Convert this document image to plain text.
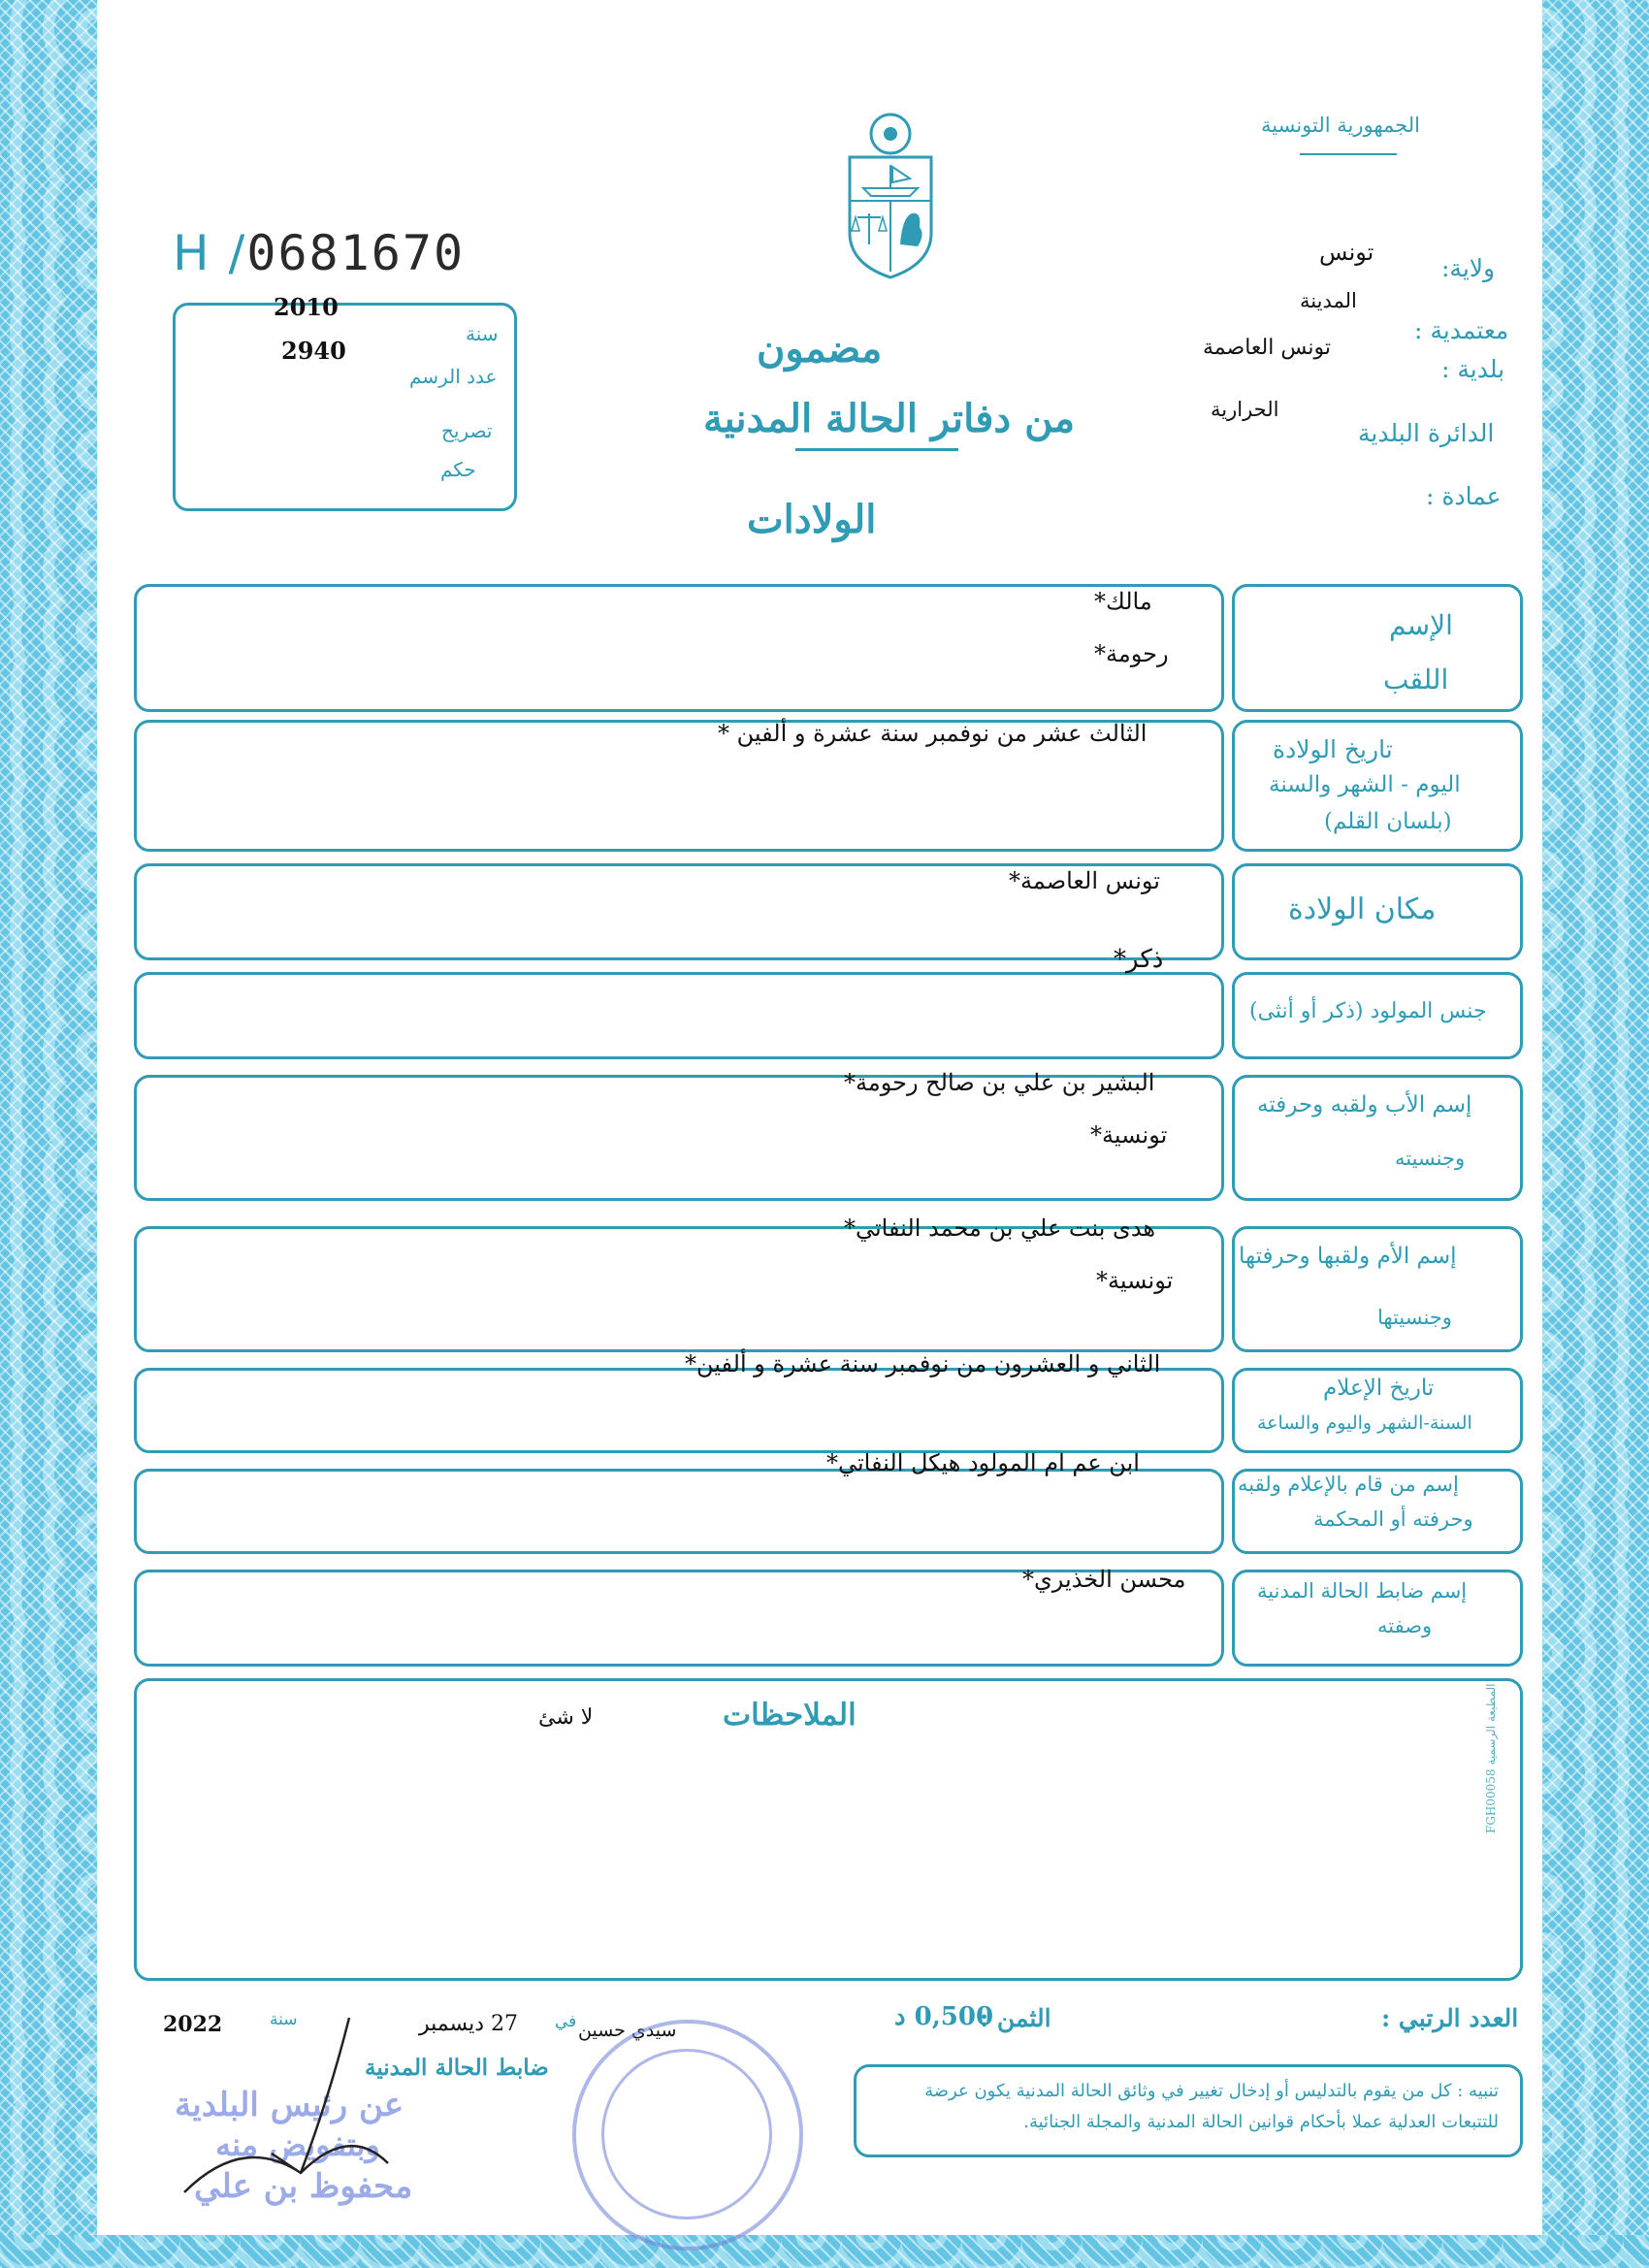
الجمهورية التونسية
H /0681670
سنة
2010
عدد الرسم
2940
تصريح
حكم
ولاية:
تونس
المدينة
معتمدية :
بلدية :
تونس العاصمة
الدائرة البلدية
الحرارية
عمادة :
مضمون
من دفاتر الحالة المدنية
الولادات
الإسم
اللقب
مالك*
رحومة*
تاريخ الولادة
اليوم - الشهر والسنة
(بلسان القلم)
الثالث عشر من نوفمبر سنة عشرة و ألفين *
مكان الولادة
تونس العاصمة*
جنس المولود (ذكر أو أنثى)
ذكر*
إسم الأب ولقبه وحرفته
وجنسيته
البشير بن علي بن صالح رحومة*
تونسية*
إسم الأم ولقبها وحرفتها
وجنسيتها
هدى بنت علي بن محمد النفاتي*
تونسية*
تاريخ الإعلام
السنة-الشهر واليوم والساعة
الثاني و العشرون من نوفمبر سنة عشرة و ألفين*
إسم من قام بالإعلام ولقبه
وحرفته أو المحكمة
ابن عم ام المولود هيكل النفاتي*
إسم ضابط الحالة المدنية
وصفته
محسن الخذيري*
الملاحظات
لا شئ
المطبعة الرسمية FGH00058
العدد الرتبي :
الثمن :
0,500 د
سنة
2022	في
27 ديسمبر	سيدي حسين
ضابط الحالة المدنية
عن رئيس البلدية
وبتفويض منه
محفوظ بن علي
تنبيه : كل من يقوم بالتدليس أو إدخال تغيير في وثائق الحالة المدنية يكون عرضة للتتبعات العدلية عملا بأحكام قوانين الحالة المدنية والمجلة الجنائية.
